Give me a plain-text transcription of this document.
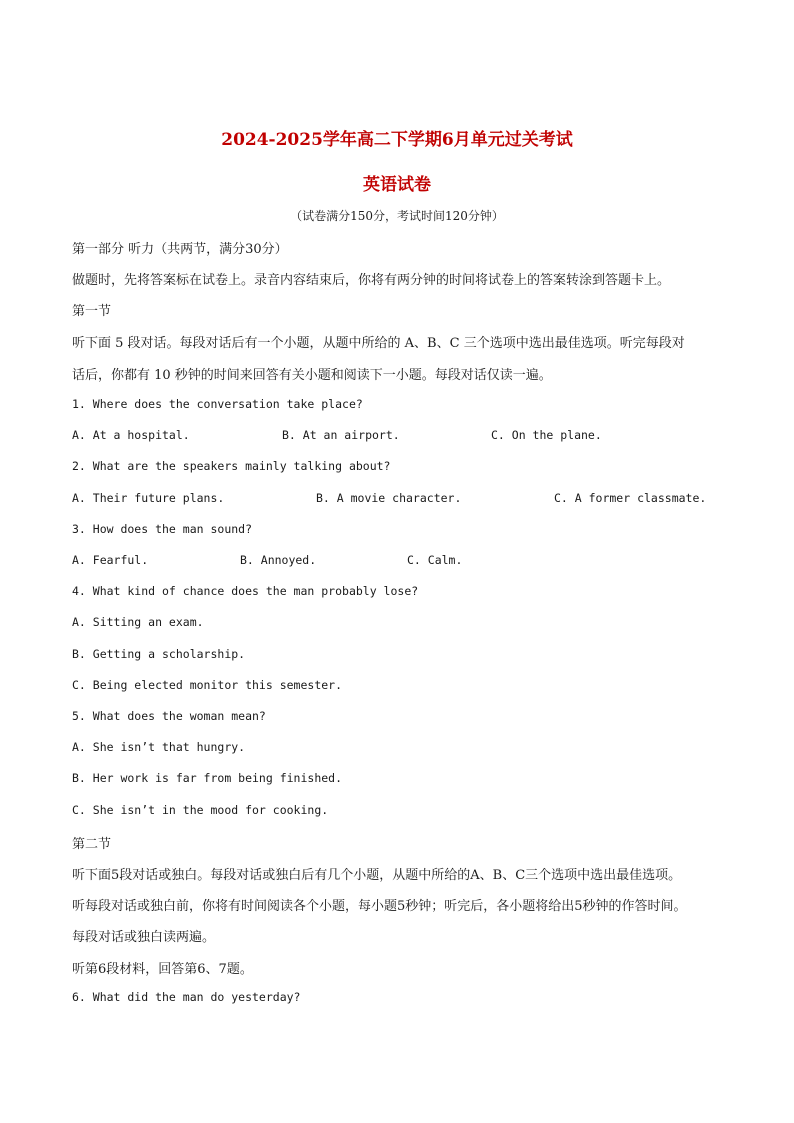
2024-2025学年高二下学期6月单元过关考试
英语试卷
（试卷满分150分，考试时间120分钟）
第一部分 听力（共两节，满分30分）
做题时，先将答案标在试卷上。录音内容结束后，你将有两分钟的时间将试卷上的答案转涂到答题卡上。
第一节
听下面 5 段对话。每段对话后有一个小题，从题中所给的 A、B、C 三个选项中选出最佳选项。听完每段对
话后，你都有 10 秒钟的时间来回答有关小题和阅读下一小题。每段对话仅读一遍。
1. Where does the conversation take place?
A. At a hospital.	B. At an airport.	C. On the plane.
2. What are the speakers mainly talking about?
A. Their future plans.	B. A movie character.	C. A former classmate.
3. How does the man sound?
A. Fearful.	B. Annoyed.	C. Calm.
4. What kind of chance does the man probably lose?
A. Sitting an exam.
B. Getting a scholarship.
C. Being elected monitor this semester.
5. What does the woman mean?
A. She isn’t that hungry.
B. Her work is far from being finished.
C. She isn’t in the mood for cooking.
第二节
听下面5段对话或独白。每段对话或独白后有几个小题，从题中所给的A、B、C三个选项中选出最佳选项。
听每段对话或独白前，你将有时间阅读各个小题，每小题5秒钟；听完后，各小题将给出5秒钟的作答时间。
每段对话或独白读两遍。
听第6段材料，回答第6、7题。
6. What did the man do yesterday?
